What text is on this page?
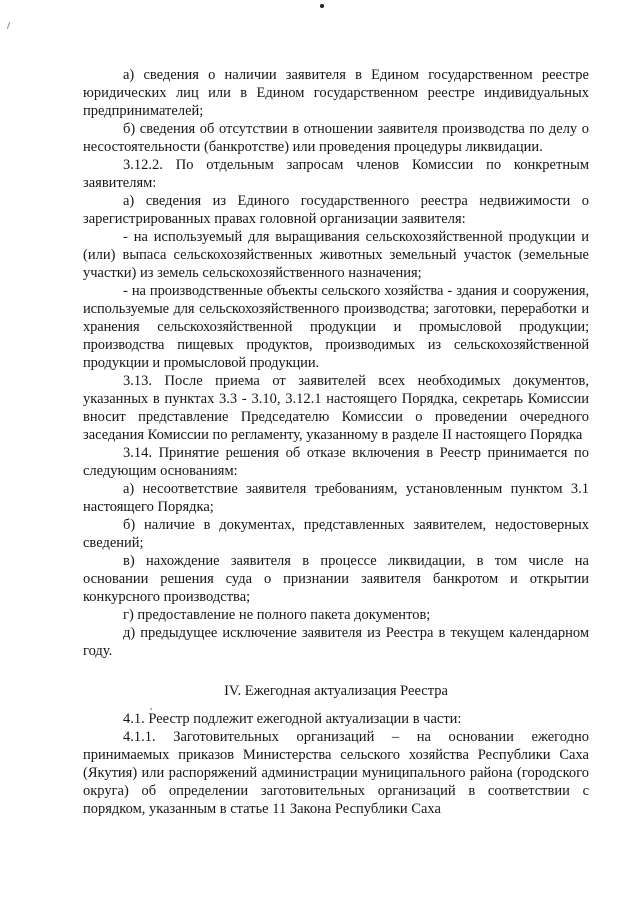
а) сведения о наличии заявителя в Едином государственном реестре юридических лиц или в Едином государственном реестре индивидуальных предпринимателей;

б) сведения об отсутствии в отношении заявителя производства по делу о несостоятельности (банкротстве) или проведения процедуры ликвидации.

3.12.2. По отдельным запросам членов Комиссии по конкретным заявителям:

а) сведения из Единого государственного реестра недвижимости о зарегистрированных правах головной организации заявителя:

- на используемый для выращивания сельскохозяйственной продукции и (или) выпаса сельскохозяйственных животных земельный участок (земельные участки) из земель сельскохозяйственного назначения;

- на производственные объекты сельского хозяйства - здания и сооружения, используемые для сельскохозяйственного производства; заготовки, переработки и хранения сельскохозяйственной продукции и промысловой продукции; производства пищевых продуктов, производимых из сельскохозяйственной продукции и промысловой продукции.

3.13. После приема от заявителей всех необходимых документов, указанных в пунктах 3.3 - 3.10, 3.12.1 настоящего Порядка, секретарь Комиссии вносит представление Председателю Комиссии о проведении очередного заседания Комиссии по регламенту, указанному в разделе II настоящего Порядка

3.14. Принятие решения об отказе включения в Реестр принимается по следующим основаниям:

а) несоответствие заявителя требованиям, установленным пунктом 3.1 настоящего Порядка;

б) наличие в документах, представленных заявителем, недостоверных сведений;

в) нахождение заявителя в процессе ликвидации, в том числе на основании решения суда о признании заявителя банкротом и открытии конкурсного производства;

г) предоставление не полного пакета документов;

д) предыдущее исключение заявителя из Реестра в текущем календарном году.

IV. Ежегодная актуализация Реестра

4.1. Реестр подлежит ежегодной актуализации в части:

4.1.1. Заготовительных организаций – на основании ежегодно принимаемых приказов Министерства сельского хозяйства Республики Саха (Якутия) или распоряжений администрации муниципального района (городского округа) об определении заготовительных организаций в соответствии с порядком, указанным в статье 11 Закона Республики Саха
